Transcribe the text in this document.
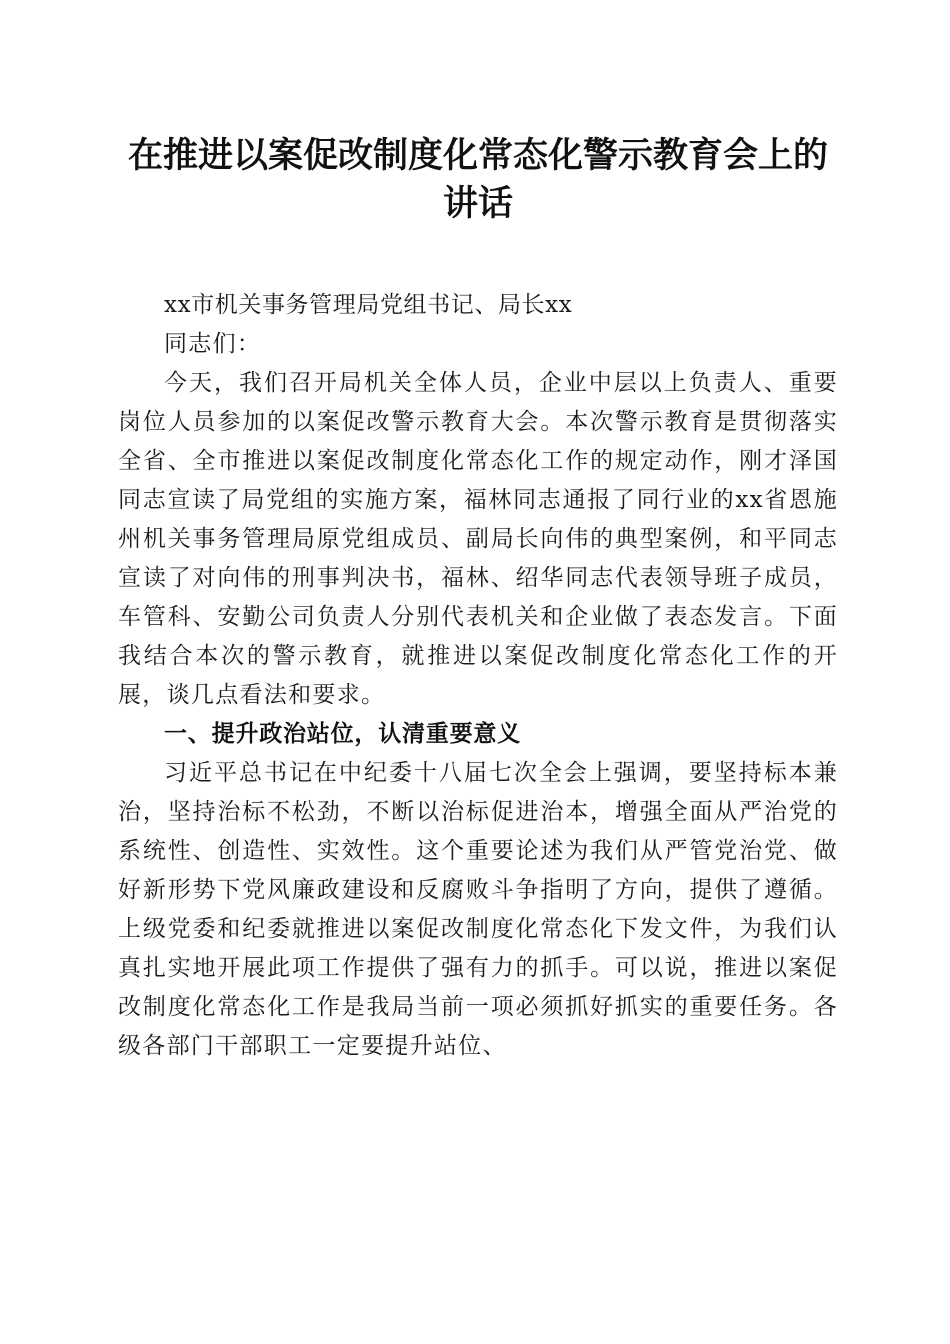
在推进以案促改制度化常态化警示教育会上的
讲话

xx市机关事务管理局党组书记、局长xx

同志们：

今天，我们召开局机关全体人员，企业中层以上负责人、重要岗位人员参加的以案促改警示教育大会。本次警示教育是贯彻落实全省、全市推进以案促改制度化常态化工作的规定动作，刚才泽国同志宣读了局党组的实施方案，福林同志通报了同行业的xx省恩施州机关事务管理局原党组成员、副局长向伟的典型案例，和平同志宣读了对向伟的刑事判决书，福林、绍华同志代表领导班子成员，车管科、安勤公司负责人分别代表机关和企业做了表态发言。下面我结合本次的警示教育，就推进以案促改制度化常态化工作的开展，谈几点看法和要求。

一、提升政治站位，认清重要意义

习近平总书记在中纪委十八届七次全会上强调，要坚持标本兼治，坚持治标不松劲，不断以治标促进治本，增强全面从严治党的系统性、创造性、实效性。这个重要论述为我们从严管党治党、做好新形势下党风廉政建设和反腐败斗争指明了方向，提供了遵循。上级党委和纪委就推进以案促改制度化常态化下发文件，为我们认真扎实地开展此项工作提供了强有力的抓手。可以说，推进以案促改制度化常态化工作是我局当前一项必须抓好抓实的重要任务。各级各部门干部职工一定要提升站位、
